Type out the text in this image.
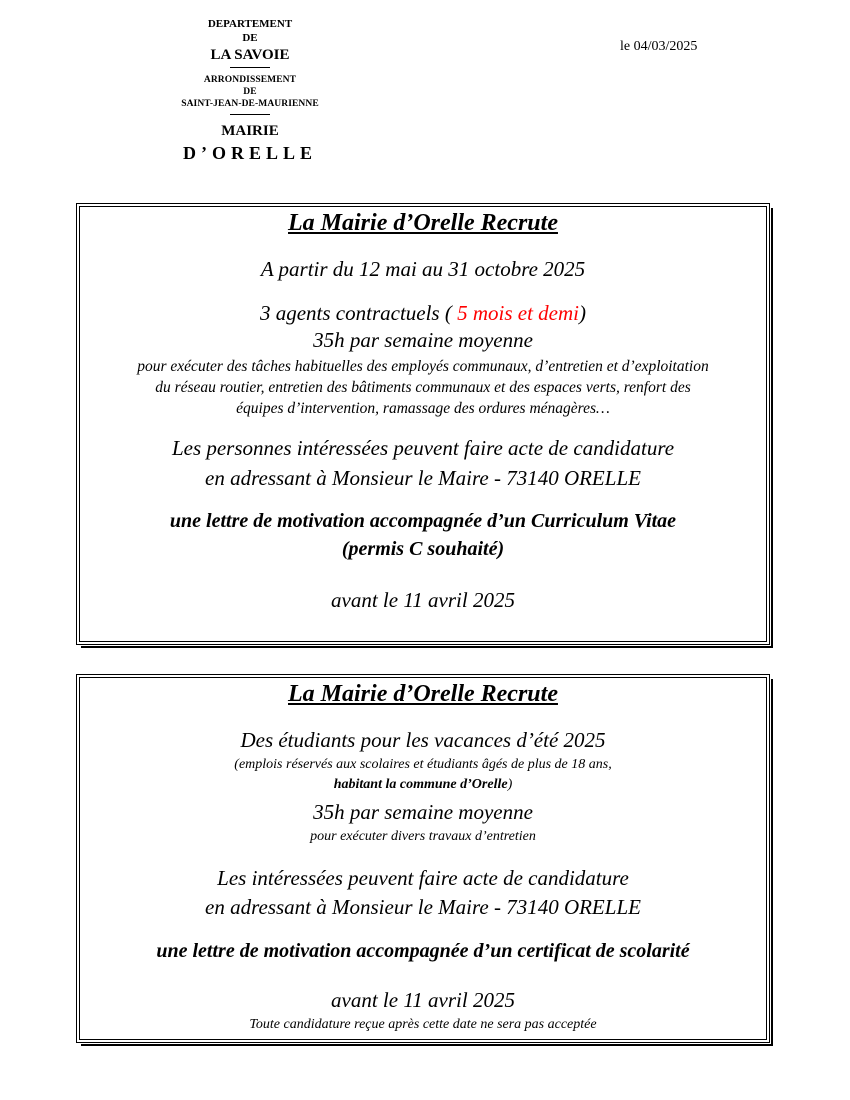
DEPARTEMENT
DE
LA SAVOIE
ARRONDISSEMENT
DE
SAINT-JEAN-DE-MAURIENNE
MAIRIE
D’ORELLE
le 04/03/2025
La Mairie d’Orelle Recrute
A partir du 12 mai au 31 octobre 2025
3 agents contractuels ( 5 mois et demi)
35h par semaine moyenne
pour exécuter des tâches habituelles des employés communaux, d’entretien et d’exploitation
du réseau routier, entretien des bâtiments communaux et des espaces verts, renfort des
équipes d’intervention, ramassage des ordures ménagères…
Les personnes intéressées peuvent faire acte de candidature
en adressant à Monsieur le Maire - 73140 ORELLE
une lettre de motivation accompagnée d’un Curriculum Vitae
(permis C souhaité)
avant le 11 avril 2025
La Mairie d’Orelle Recrute
Des étudiants pour les vacances d’été 2025
(emplois réservés aux scolaires et étudiants âgés de plus de 18 ans,
habitant la commune d’Orelle)
35h par semaine moyenne
pour exécuter divers travaux d’entretien
Les intéressées peuvent faire acte de candidature
en adressant à Monsieur le Maire - 73140 ORELLE
une lettre de motivation accompagnée d’un certificat de scolarité
avant le 11 avril 2025
Toute candidature reçue après cette date ne sera pas acceptée
